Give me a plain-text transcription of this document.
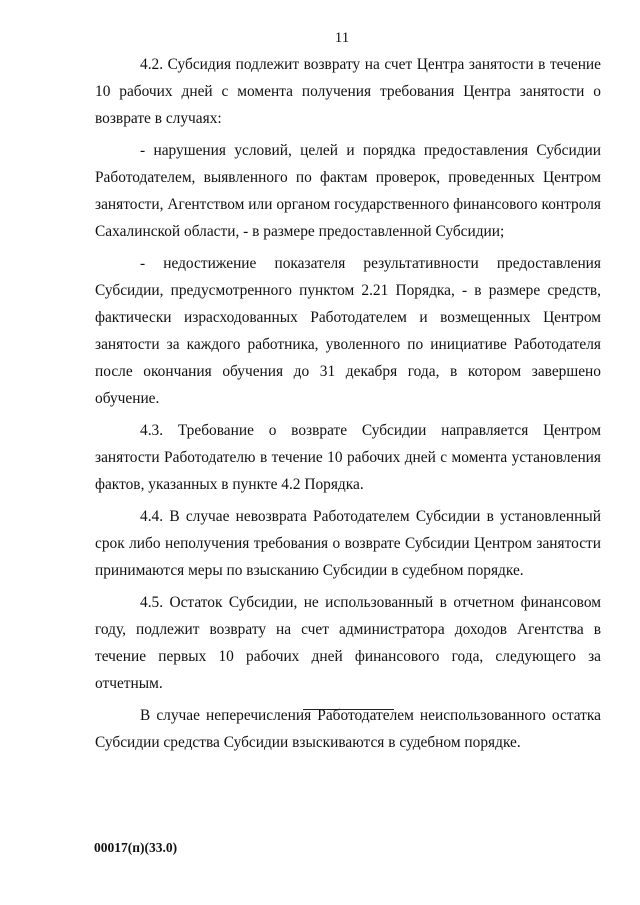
11

4.2. Субсидия подлежит возврату на счет Центра занятости в течение 10 рабочих дней с момента получения требования Центра занятости о возврате в случаях:

- нарушения условий, целей и порядка предоставления Субсидии Работодателем, выявленного по фактам проверок, проведенных Центром занятости, Агентством или органом государственного финансового контроля Сахалинской области, - в размере предоставленной Субсидии;

- недостижение показателя результативности предоставления Субсидии, предусмотренного пунктом 2.21 Порядка, - в размере средств, фактически израсходованных Работодателем и возмещенных Центром занятости за каждого работника, уволенного по инициативе Работодателя после окончания обучения до 31 декабря года, в котором завершено обучение.

4.3. Требование о возврате Субсидии направляется Центром занятости Работодателю в течение 10 рабочих дней с момента установления фактов, указанных в пункте 4.2 Порядка.

4.4. В случае невозврата Работодателем Субсидии в установленный срок либо неполучения требования о возврате Субсидии Центром занятости принимаются меры по взысканию Субсидии в судебном порядке.

4.5. Остаток Субсидии, не использованный в отчетном финансовом году, подлежит возврату на счет администратора доходов Агентства в течение первых 10 рабочих дней финансового года, следующего за отчетным.

В случае неперечисления Работодателем неиспользованного остатка Субсидии средства Субсидии взыскиваются в судебном порядке.

00017(п)(33.0)
